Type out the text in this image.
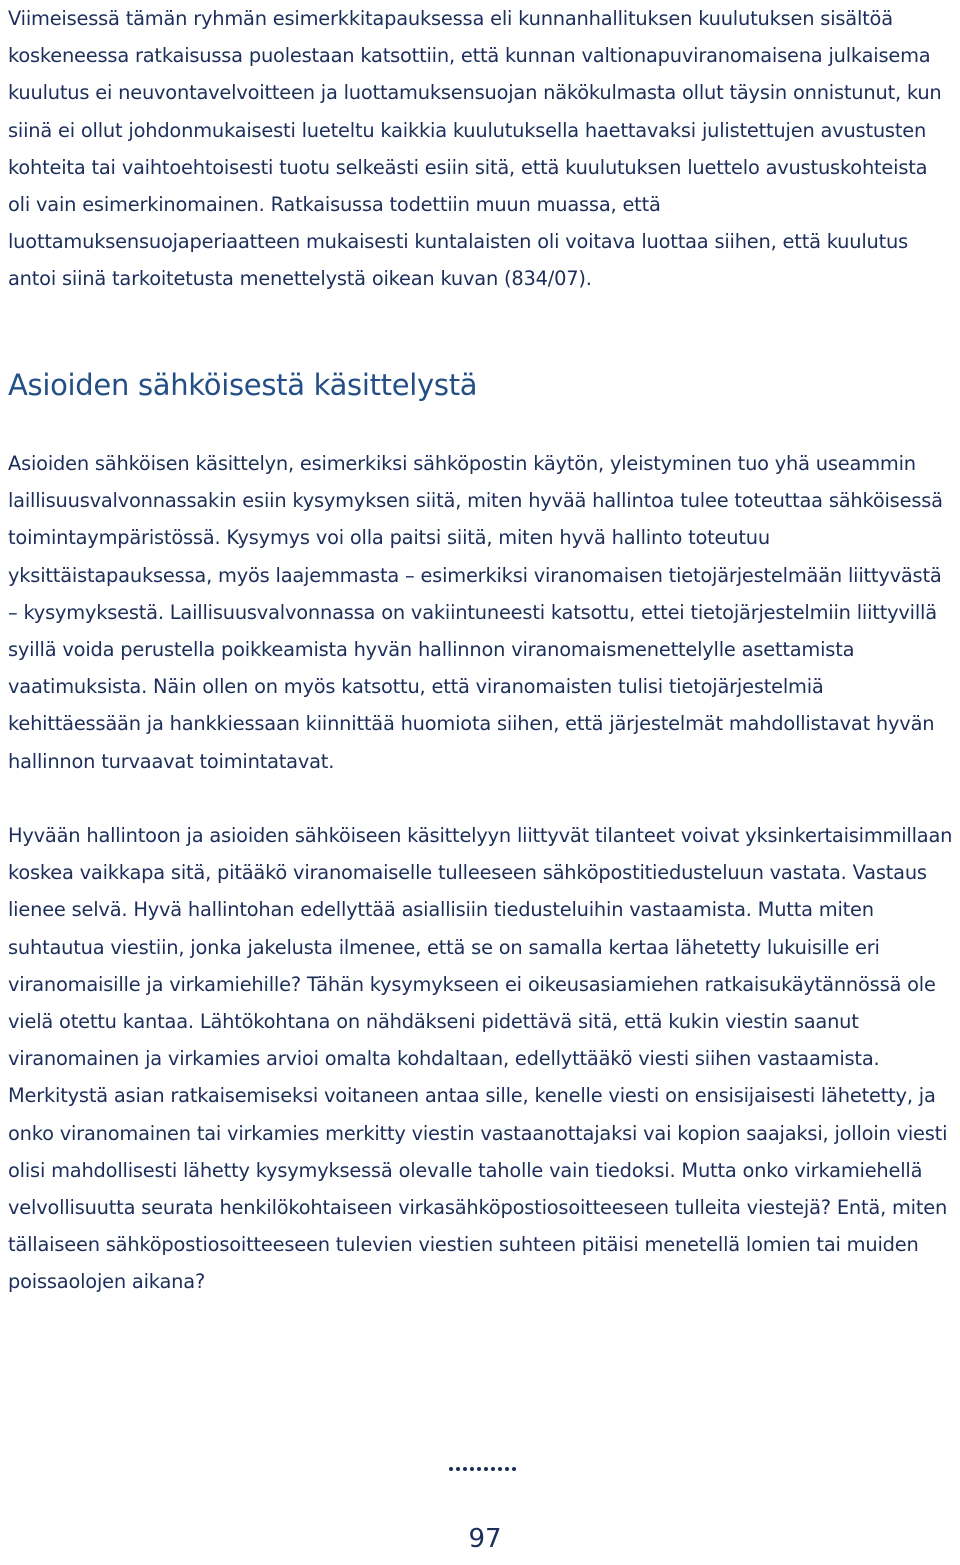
Viimeisessä tämän ryhmän esimerkkitapauksessa eli kunnanhallituksen kuulutuksen sisältöä koskeneessa ratkaisussa puolestaan katsottiin, että kunnan valtionapuviranomaisena julkaisema kuulutus ei neuvontavelvoitteen ja luottamuksensuojan näkökulmasta ollut täysin onnistunut, kun siinä ei ollut johdonmukaisesti lueteltu kaikkia kuulutuksella haettavaksi julistettujen avustusten kohteita tai vaihtoehtoisesti tuotu selkeästi esiin sitä, että kuulutuksen luettelo avustuskohteista oli vain esimerkinomainen. Ratkaisussa todettiin muun muassa, että luottamuksensuojaperiaatteen mukaisesti kuntalaisten oli voitava luottaa siihen, että kuulutus antoi siinä tarkoitetusta menettelystä oikean kuvan (834/07).

Asioiden sähköisestä käsittelystä

Asioiden sähköisen käsittelyn, esimerkiksi sähköpostin käytön, yleistyminen tuo yhä useammin laillisuusvalvonnassakin esiin kysymyksen siitä, miten hyvää hallintoa tulee toteuttaa sähköisessä toimintaympäristössä. Kysymys voi olla paitsi siitä, miten hyvä hallinto toteutuu yksittäistapauksessa, myös laajemmasta – esimerkiksi viranomaisen tietojärjestelmään liittyvästä – kysymyksestä. Laillisuusvalvonnassa on vakiintuneesti katsottu, ettei tietojärjestelmiin liittyvillä syillä voida perustella poikkeamista hyvän hallinnon viranomaismenettelylle asettamista vaatimuksista. Näin ollen on myös katsottu, että viranomaisten tulisi tietojärjestelmiä kehittäessään ja hankkiessaan kiinnittää huomiota siihen, että järjestelmät mahdollistavat hyvän hallinnon turvaavat toimintatavat.

Hyvään hallintoon ja asioiden sähköiseen käsittelyyn liittyvät tilanteet voivat yksinkertaisimmillaan koskea vaikkapa sitä, pitääkö viranomaiselle tulleeseen sähköpostitiedusteluun vastata. Vastaus lienee selvä. Hyvä hallintohan edellyttää asiallisiin tiedusteluihin vastaamista. Mutta miten suhtautua viestiin, jonka jakelusta ilmenee, että se on samalla kertaa lähetetty lukuisille eri viranomaisille ja virkamiehille? Tähän kysymykseen ei oikeusasiamiehen ratkaisukäytännössä ole vielä otettu kantaa. Lähtökohtana on nähdäkseni pidettävä sitä, että kukin viestin saanut viranomainen ja virkamies arvioi omalta kohdaltaan, edellyttääkö viesti siihen vastaamista. Merkitystä asian ratkaisemiseksi voitaneen antaa sille, kenelle viesti on ensisijaisesti lähetetty, ja onko viranomainen tai virkamies merkitty viestin vastaanottajaksi vai kopion saajaksi, jolloin viesti olisi mahdollisesti lähetty kysymyksessä olevalle taholle vain tiedoksi. Mutta onko virkamiehellä velvollisuutta seurata henkilökohtaiseen virkasähköpostiosoitteeseen tulleita viestejä? Entä, miten tällaiseen sähköpostiosoitteeseen tulevien viestien suhteen pitäisi menetellä lomien tai muiden poissaolojen aikana?

97
